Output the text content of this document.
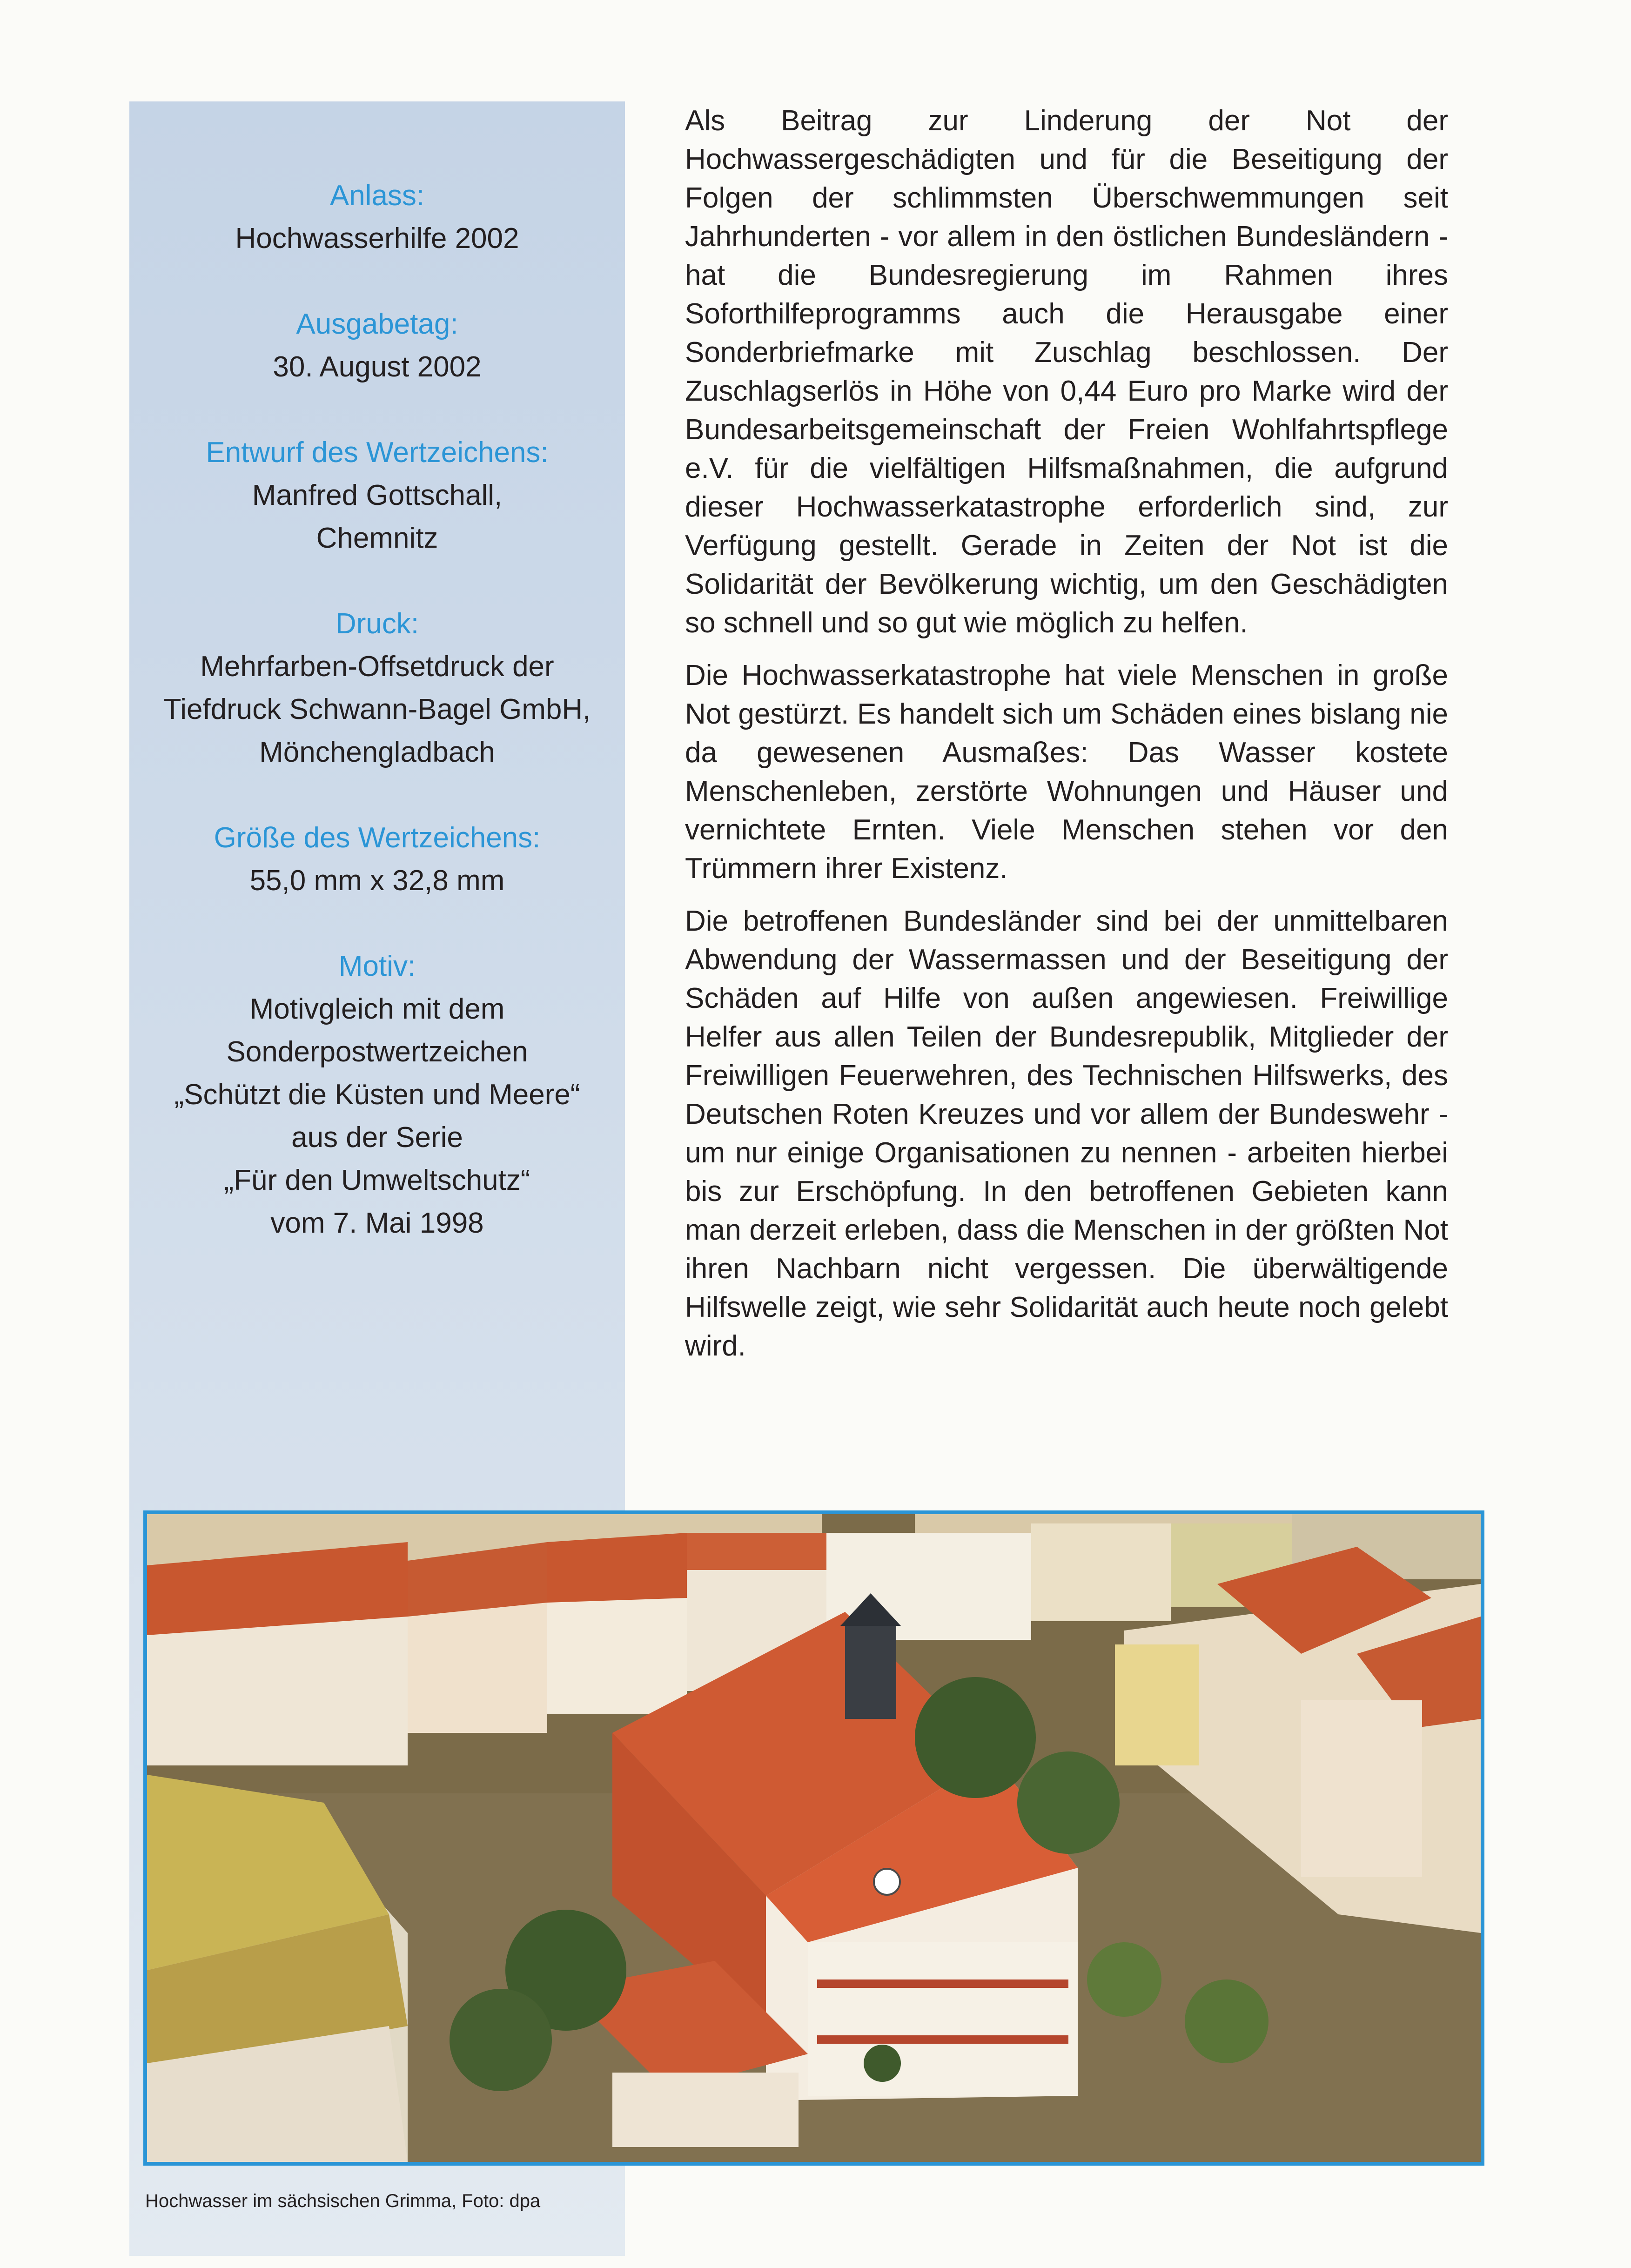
Anlass:
Hochwasserhilfe 2002
Ausgabetag:
30. August 2002
Entwurf des Wertzeichens:
Manfred Gottschall,
Chemnitz
Druck:
Mehrfarben-Offsetdruck der
Tiefdruck Schwann-Bagel GmbH,
Mönchengladbach
Größe des Wertzeichens:
55,0 mm x 32,8 mm
Motiv:
Motivgleich mit dem
Sonderpostwertzeichen
„Schützt die Küsten und Meere“
aus der Serie
„Für den Umweltschutz“
vom 7. Mai 1998

Als Beitrag zur Linderung der Not der Hochwassergeschädigten und für die Beseitigung der Folgen der schlimmsten Überschwemmungen seit Jahrhunderten - vor allem in den östlichen Bundesländern - hat die Bundesregierung im Rahmen ihres Soforthilfeprogramms auch die Herausgabe einer Sonderbriefmarke mit Zuschlag beschlossen. Der Zuschlagserlös in Höhe von 0,44 Euro pro Marke wird der Bundesarbeitsgemeinschaft der Freien Wohlfahrtspflege e.V. für die vielfältigen Hilfsmaßnahmen, die aufgrund dieser Hochwasserkatastrophe erforderlich sind, zur Verfügung gestellt. Gerade in Zeiten der Not ist die Solidarität der Bevölkerung wichtig, um den Geschädigten so schnell und so gut wie möglich zu helfen.

Die Hochwasserkatastrophe hat viele Menschen in große Not gestürzt. Es handelt sich um Schäden eines bislang nie da gewesenen Ausmaßes: Das Wasser kostete Menschenleben, zerstörte Wohnungen und Häuser und vernichtete Ernten. Viele Menschen stehen vor den Trümmern ihrer Existenz.

Die betroffenen Bundesländer sind bei der unmittelbaren Abwendung der Wassermassen und der Beseitigung der Schäden auf Hilfe von außen angewiesen. Freiwillige Helfer aus allen Teilen der Bundesrepublik, Mitglieder der Freiwilligen Feuerwehren, des Technischen Hilfswerks, des Deutschen Roten Kreuzes und vor allem der Bundeswehr - um nur einige Organisationen zu nennen - arbeiten hierbei bis zur Erschöpfung. In den betroffenen Gebieten kann man derzeit erleben, dass die Menschen in der größten Not ihren Nachbarn nicht vergessen. Die überwältigende Hilfswelle zeigt, wie sehr Solidarität auch heute noch gelebt wird.

Hochwasser im sächsischen Grimma, Foto: dpa
